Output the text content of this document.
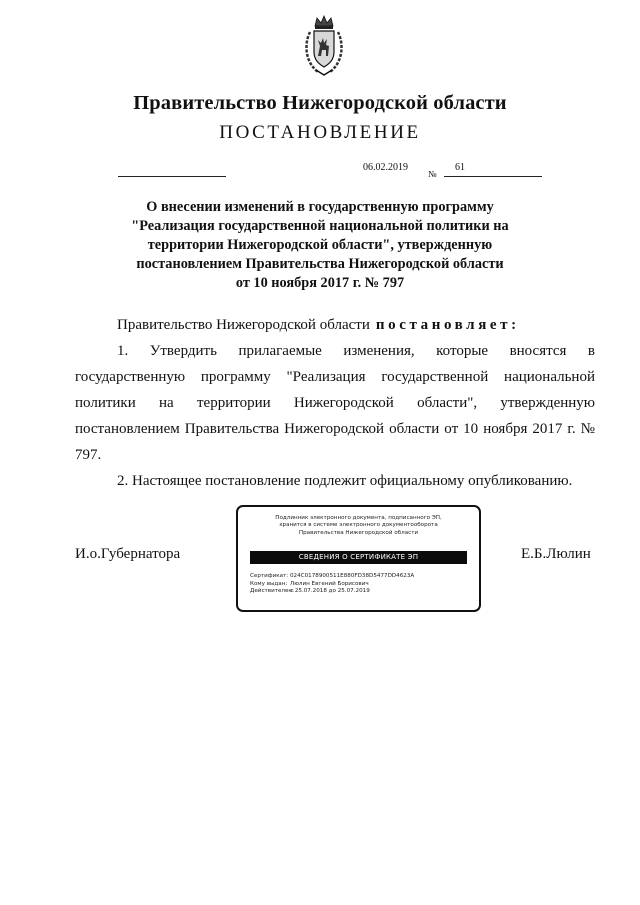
Правительство Нижегородской области
ПОСТАНОВЛЕНИЕ
06.02.2019
№
61
О внесении изменений в государственную программу
"Реализация государственной национальной политики на
территории Нижегородской области", утвержденную
постановлением Правительства Нижегородской области
от 10 ноября 2017 г. № 797
Правительство Нижегородской области постановляет:
1. Утвердить прилагаемые изменения, которые вносятся в государственную программу "Реализация государственной национальной политики на территории Нижегородской области", утвержденную постановлением Правительства Нижегородской области от 10 ноября 2017 г. № 797.
2. Настоящее постановление подлежит официальному опубликованию.
И.о.Губернатора	Е.Б.Люлин
Подлинник электронного документа, подписанного ЭП,
хранится в системе электронного документооборота
Правительства Нижегородской области
СВЕДЕНИЯ О СЕРТИФИКАТЕ ЭП
Сертификат: 024C0178900511E880FD38D5477DD4623A
Кому выдан: Люлин Евгений Борисович
Действителен:
с 25.07.2018 до 25.07.2019
